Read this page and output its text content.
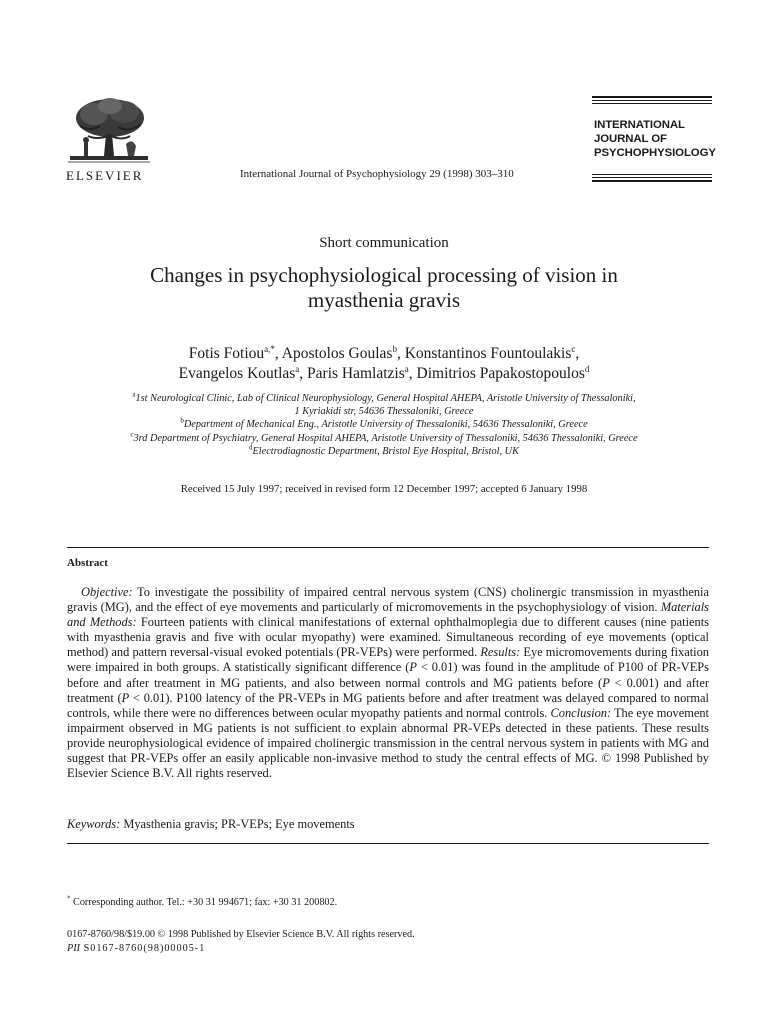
ELSEVIER	International Journal of Psychophysiology 29 (1998) 303–310
INTERNATIONAL
JOURNAL OF
PSYCHOPHYSIOLOGY
Short communication
Changes in psychophysiological processing of vision in
myasthenia gravis
Fotis Fotiou$^{a,*}$, Apostolos Goulas$^b$, Konstantinos Fountoulakis$^c$,
Evangelos Koutlas$^a$, Paris Hamlatzis$^a$, Dimitrios Papakostopoulos$^d$
$^a$1st Neurological Clinic, Lab of Clinical Neurophysiology, General Hospital AHEPA, Aristotle University of Thessaloniki,
1 Kyriakidi str, 54636 Thessaloniki, Greece
$^b$Department of Mechanical Eng., Aristotle University of Thessaloniki, 54636 Thessaloniki, Greece
$^c$3rd Department of Psychiatry, General Hospital AHEPA, Aristotle University of Thessaloniki, 54636 Thessaloniki, Greece
$^d$Electrodiagnostic Department, Bristol Eye Hospital, Bristol, UK
Received 15 July 1997; received in revised form 12 December 1997; accepted 6 January 1998
Abstract
Objective: To investigate the possibility of impaired central nervous system (CNS) cholinergic transmission in myasthenia gravis (MG), and the effect of eye movements and particularly of micromovements in the psychophysiology of vision. Materials and Methods: Fourteen patients with clinical manifestations of external ophthalmoplegia due to different causes (nine patients with myasthenia gravis and five with ocular myopathy) were examined. Simultaneous recording of eye movements (optical method) and pattern reversal-visual evoked potentials (PR-VEPs) were performed. Results: Eye micromovements during fixation were impaired in both groups. A statistically significant difference (P < 0.01) was found in the amplitude of P100 of PR-VEPs before and after treatment in MG patients, and also between normal controls and MG patients before (P < 0.001) and after treatment (P < 0.01). P100 latency of the PR-VEPs in MG patients before and after treatment was delayed compared to normal controls, while there were no differences between ocular myopathy patients and normal controls. Conclusion: The eye movement impairment observed in MG patients is not sufficient to explain abnormal PR-VEPs detected in these patients. These results provide neurophysiological evidence of impaired cholinergic transmission in the central nervous system in patients with MG and suggest that PR-VEPs offer an easily applicable non-invasive method to study the central effects of MG. © 1998 Published by Elsevier Science B.V. All rights reserved.
Keywords: Myasthenia gravis; PR-VEPs; Eye movements
* Corresponding author. Tel.: +30 31 994671; fax: +30 31 200802.
0167-8760/98/$19.00 © 1998 Published by Elsevier Science B.V. All rights reserved.
PII S0167-8760(98)00005-1
